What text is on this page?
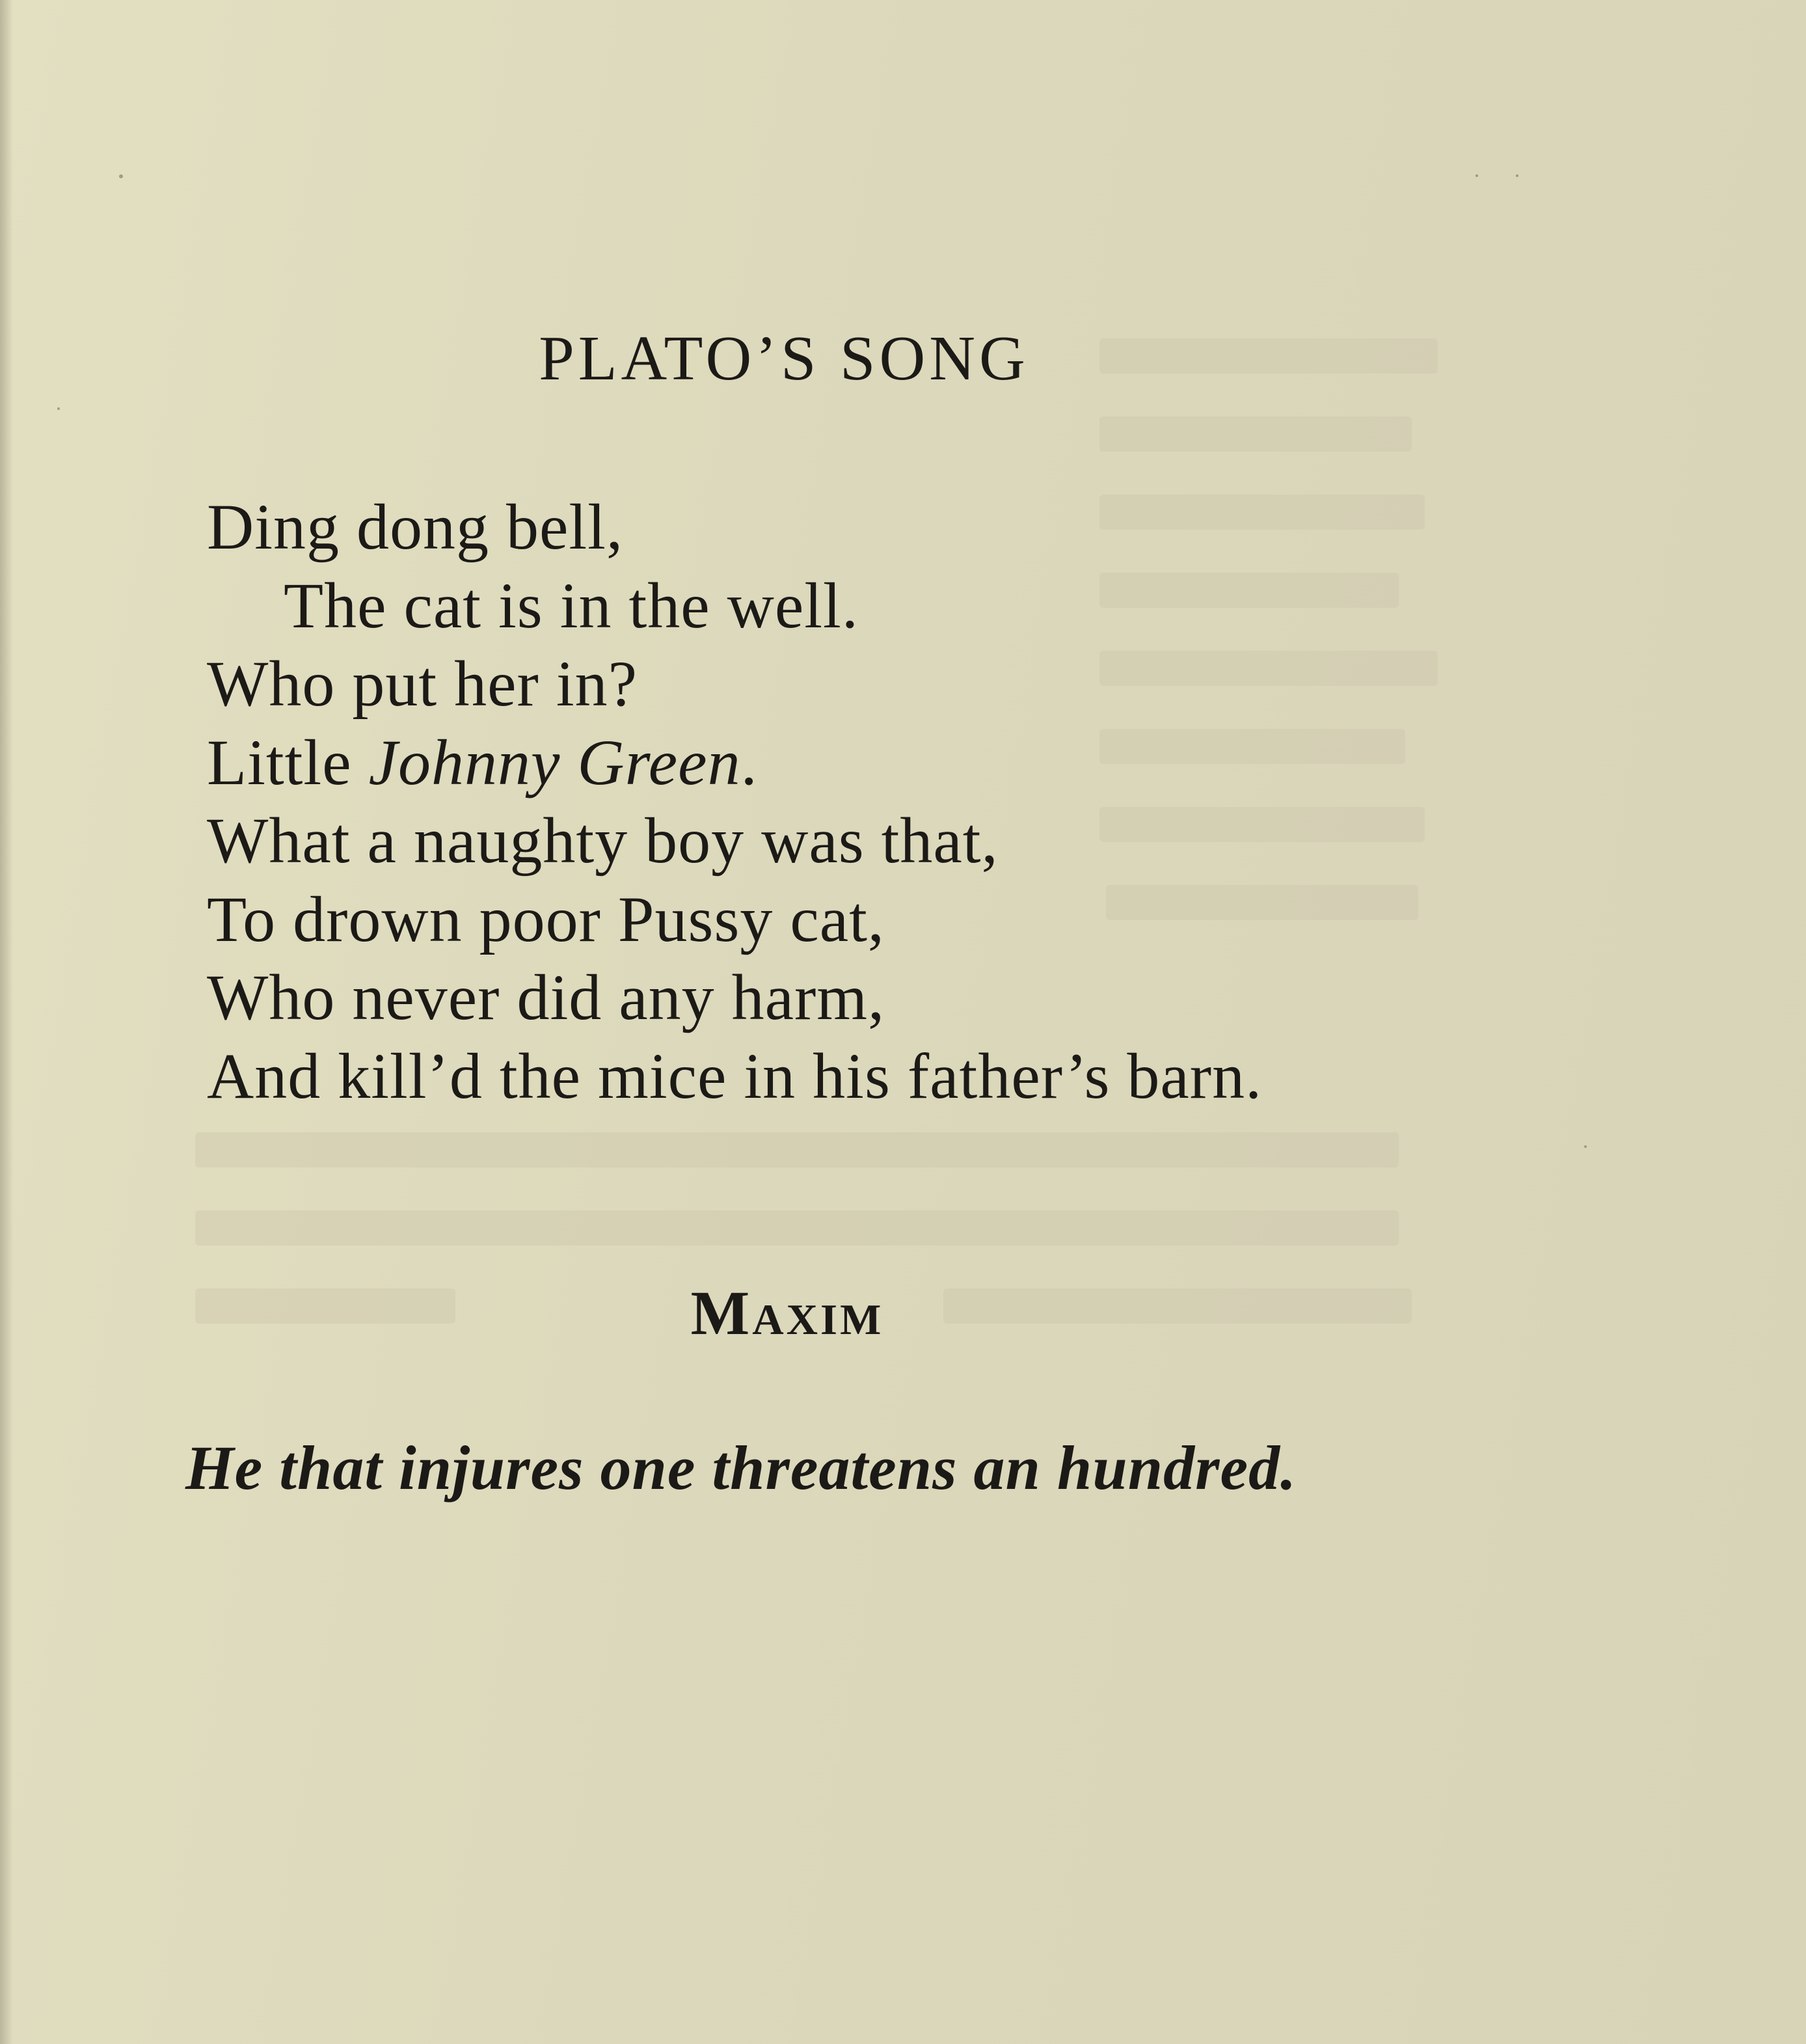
PLATO’S SONG
Ding dong bell,
The cat is in the well.
Who put her in?
Little Johnny Green.
What a naughty boy was that,
To drown poor Pussy cat,
Who never did any harm,
And kill’d the mice in his father’s barn.
Maxim
He that injures one threatens an hundred.
